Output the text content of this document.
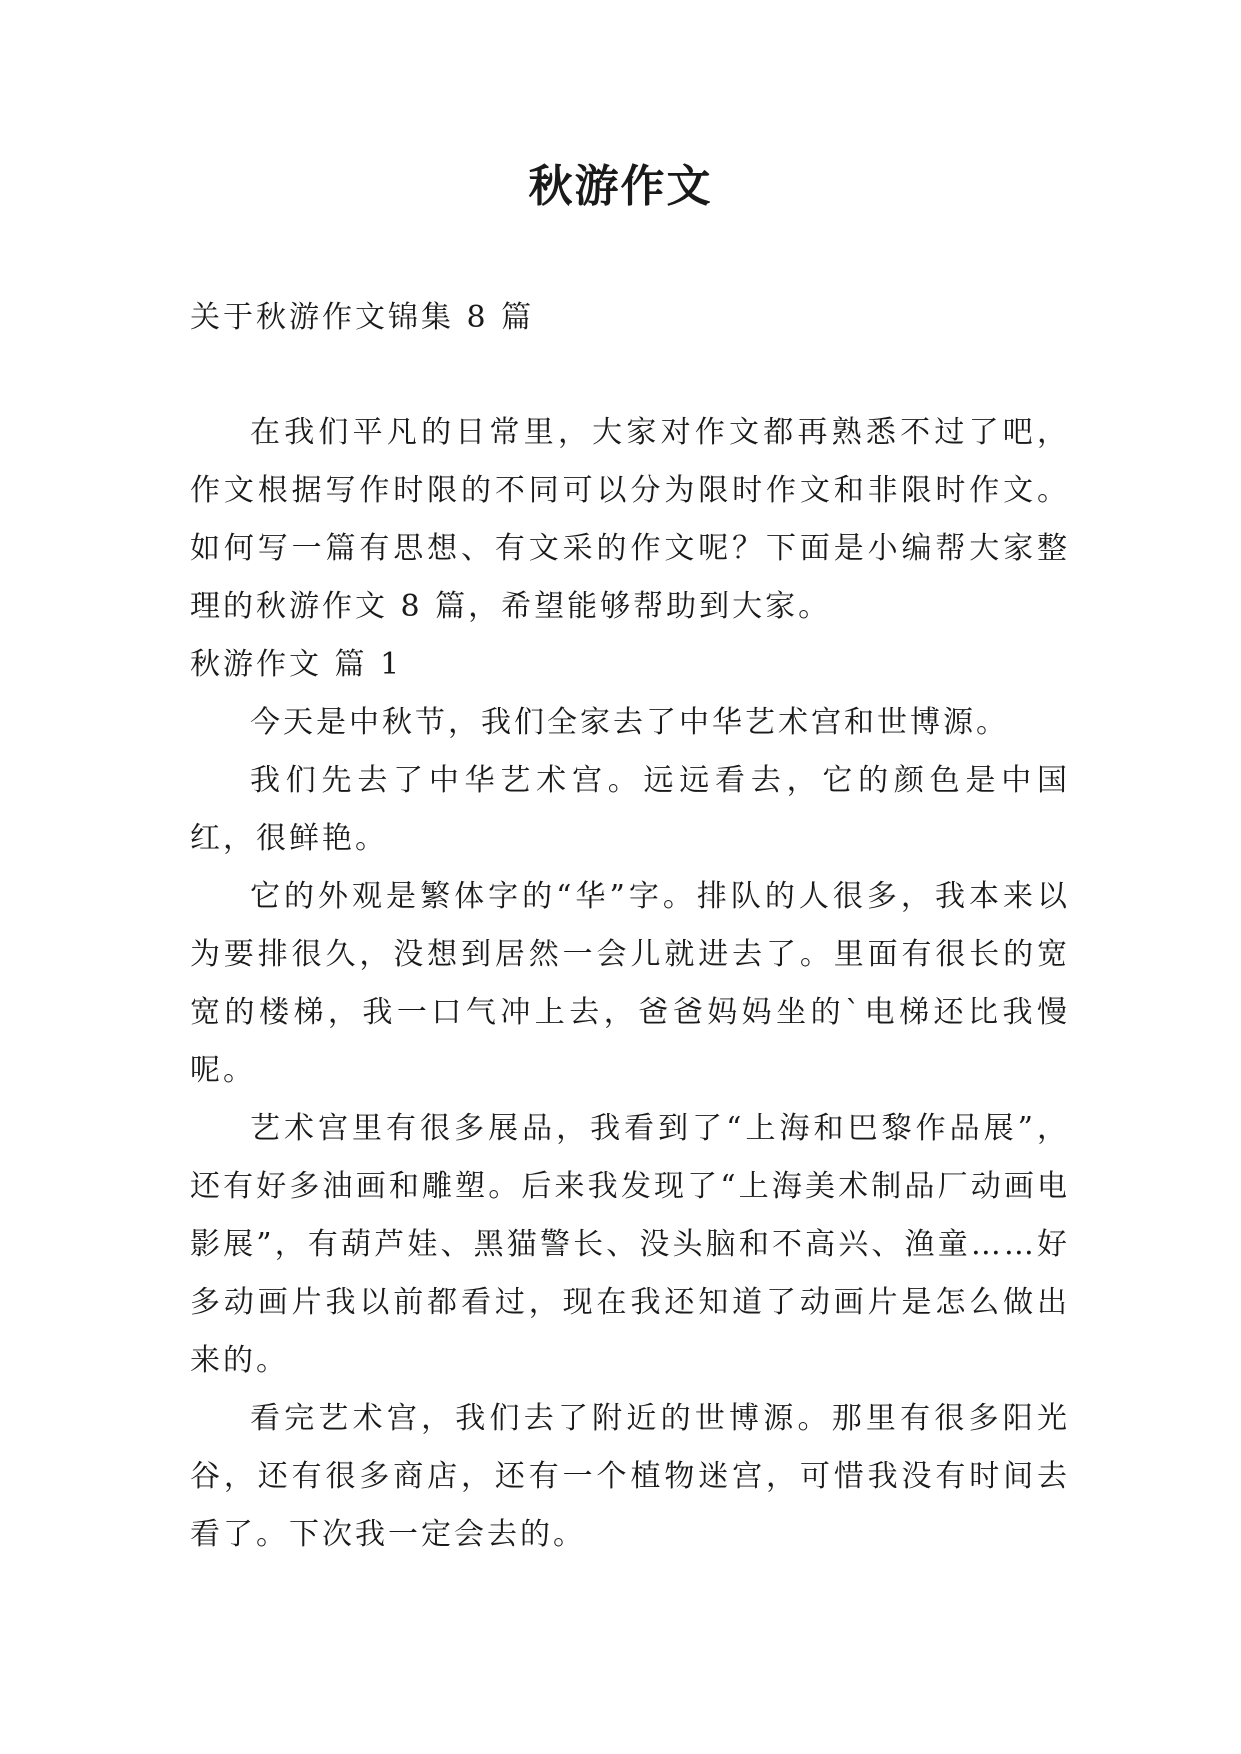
秋游作文

关于秋游作文锦集 8 篇

在我们平凡的日常里，大家对作文都再熟悉不过了吧，作文根据写作时限的不同可以分为限时作文和非限时作文。如何写一篇有思想、有文采的作文呢？下面是小编帮大家整理的秋游作文 8 篇，希望能够帮助到大家。

秋游作文 篇 1

今天是中秋节，我们全家去了中华艺术宫和世博源。

我们先去了中华艺术宫。远远看去，它的颜色是中国红，很鲜艳。

它的外观是繁体字的“华”字。排队的人很多，我本来以为要排很久，没想到居然一会儿就进去了。里面有很长的宽宽的楼梯，我一口气冲上去，爸爸妈妈坐的`电梯还比我慢呢。

艺术宫里有很多展品，我看到了“上海和巴黎作品展”，还有好多油画和雕塑。后来我发现了“上海美术制品厂动画电影展”，有葫芦娃、黑猫警长、没头脑和不高兴、渔童……好多动画片我以前都看过，现在我还知道了动画片是怎么做出来的。

看完艺术宫，我们去了附近的世博源。那里有很多阳光谷，还有很多商店，还有一个植物迷宫，可惜我没有时间去看了。下次我一定会去的。
